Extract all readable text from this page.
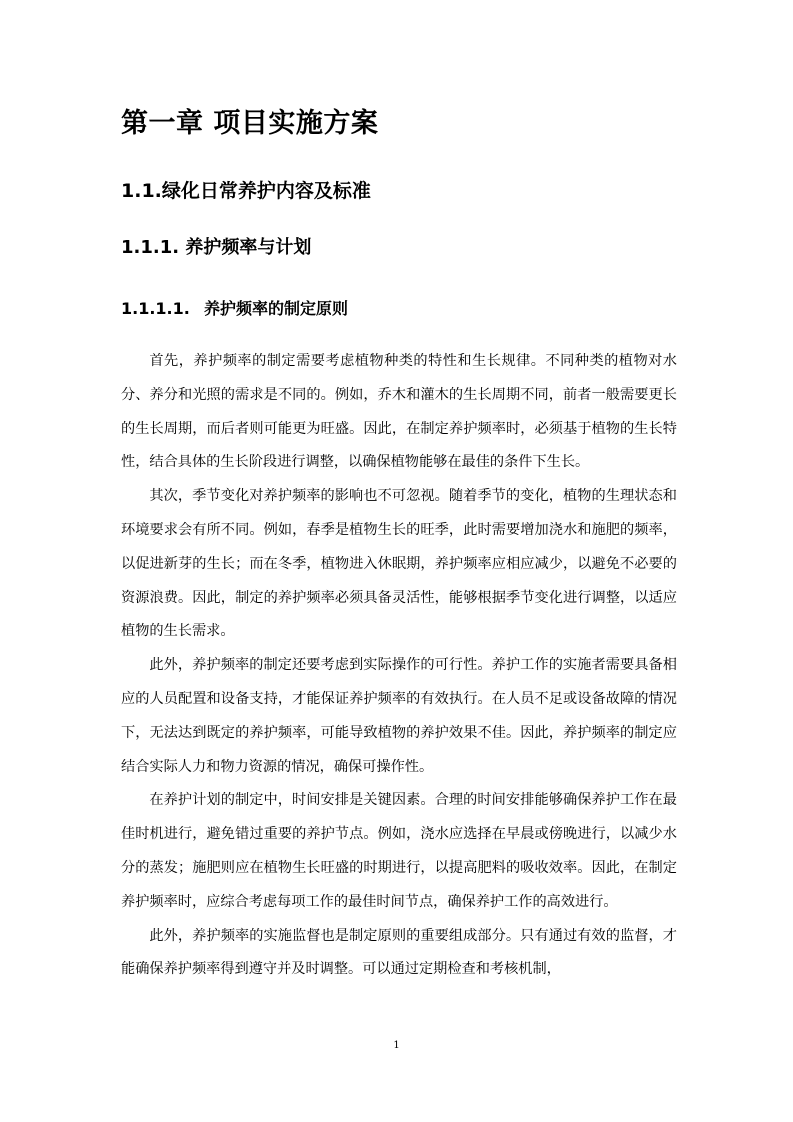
第一章 项目实施方案
1.1.绿化日常养护内容及标准
1.1.1. 养护频率与计划
1.1.1.1. 养护频率的制定原则

首先，养护频率的制定需要考虑植物种类的特性和生长规律。不同种类的植物对水分、养分和光照的需求是不同的。例如，乔木和灌木的生长周期不同，前者一般需要更长的生长周期，而后者则可能更为旺盛。因此，在制定养护频率时，必须基于植物的生长特性，结合具体的生长阶段进行调整，以确保植物能够在最佳的条件下生长。

其次，季节变化对养护频率的影响也不可忽视。随着季节的变化，植物的生理状态和环境要求会有所不同。例如，春季是植物生长的旺季，此时需要增加浇水和施肥的频率，以促进新芽的生长；而在冬季，植物进入休眠期，养护频率应相应减少，以避免不必要的资源浪费。因此，制定的养护频率必须具备灵活性，能够根据季节变化进行调整，以适应植物的生长需求。

此外，养护频率的制定还要考虑到实际操作的可行性。养护工作的实施者需要具备相应的人员配置和设备支持，才能保证养护频率的有效执行。在人员不足或设备故障的情况下，无法达到既定的养护频率，可能导致植物的养护效果不佳。因此，养护频率的制定应结合实际人力和物力资源的情况，确保可操作性。

在养护计划的制定中，时间安排是关键因素。合理的时间安排能够确保养护工作在最佳时机进行，避免错过重要的养护节点。例如，浇水应选择在早晨或傍晚进行，以减少水分的蒸发；施肥则应在植物生长旺盛的时期进行，以提高肥料的吸收效率。因此，在制定养护频率时，应综合考虑每项工作的最佳时间节点，确保养护工作的高效进行。

此外，养护频率的实施监督也是制定原则的重要组成部分。只有通过有效的监督，才能确保养护频率得到遵守并及时调整。可以通过定期检查和考核机制，

1
